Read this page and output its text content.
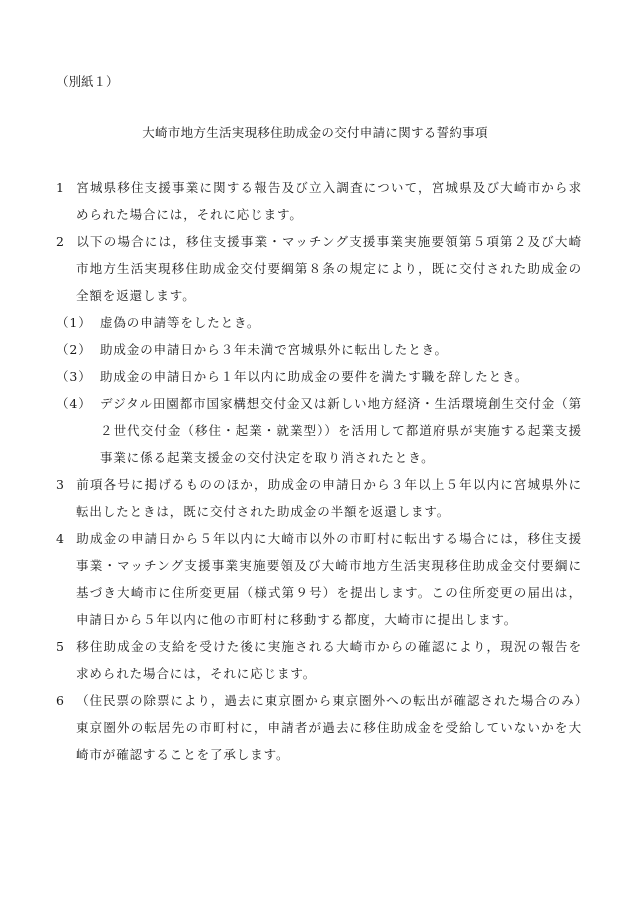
（別紙１）
大崎市地方生活実現移住助成金の交付申請に関する誓約事項

1 宮城県移住支援事業に関する報告及び立入調査について，宮城県及び大崎市から求められた場合には，それに応じます。

2 以下の場合には，移住支援事業・マッチング支援事業実施要領第５項第２及び大崎市地方生活実現移住助成金交付要綱第８条の規定により，既に交付された助成金の全額を返還します。

（1） 虚偽の申請等をしたとき。

（2） 助成金の申請日から３年未満で宮城県外に転出したとき。

（3） 助成金の申請日から１年以内に助成金の要件を満たす職を辞したとき。

（4） デジタル田園都市国家構想交付金又は新しい地方経済・生活環境創生交付金（第２世代交付金（移住・起業・就業型））を活用して都道府県が実施する起業支援事業に係る起業支援金の交付決定を取り消されたとき。

3 前項各号に掲げるもののほか，助成金の申請日から３年以上５年以内に宮城県外に転出したときは，既に交付された助成金の半額を返還します。

4 助成金の申請日から５年以内に大崎市以外の市町村に転出する場合には，移住支援事業・マッチング支援事業実施要領及び大崎市地方生活実現移住助成金交付要綱に基づき大崎市に住所変更届（様式第９号）を提出します。この住所変更の届出は，申請日から５年以内に他の市町村に移動する都度，大崎市に提出します。

5 移住助成金の支給を受けた後に実施される大崎市からの確認により，現況の報告を求められた場合には，それに応じます。

6 （住民票の除票により，過去に東京圏から東京圏外への転出が確認された場合のみ）東京圏外の転居先の市町村に，申請者が過去に移住助成金を受給していないかを大崎市が確認することを了承します。
